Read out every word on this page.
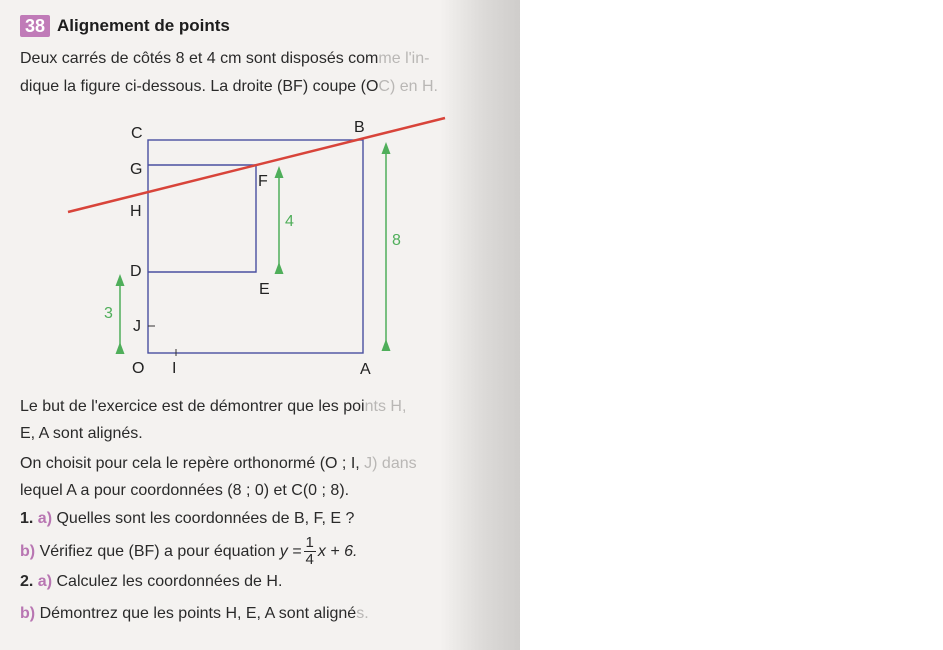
38 Alignement de points
Deux carrés de côtés 8 et 4 cm sont disposés comme l'in-
dique la figure ci-dessous. La droite (BF) coupe (OC) en H.
8
4
3
C	B
G
F
H
D
E
J
O I	A
Le but de l'exercice est de démontrer que les points H,
E, A sont alignés.
On choisit pour cela le repère orthonormé (O ; I, J) dans
lequel A a pour coordonnées (8 ; 0) et C(0 ; 8).
1. a) Quelles sont les coordonnées de B, F, E ?
b)
Vérifiez que (BF) a pour équation
$y = \frac{1}{4}$ x + 6.
2. a) Calculez les coordonnées de H.
b) Démontrez que les points H, E, A sont alignés.
